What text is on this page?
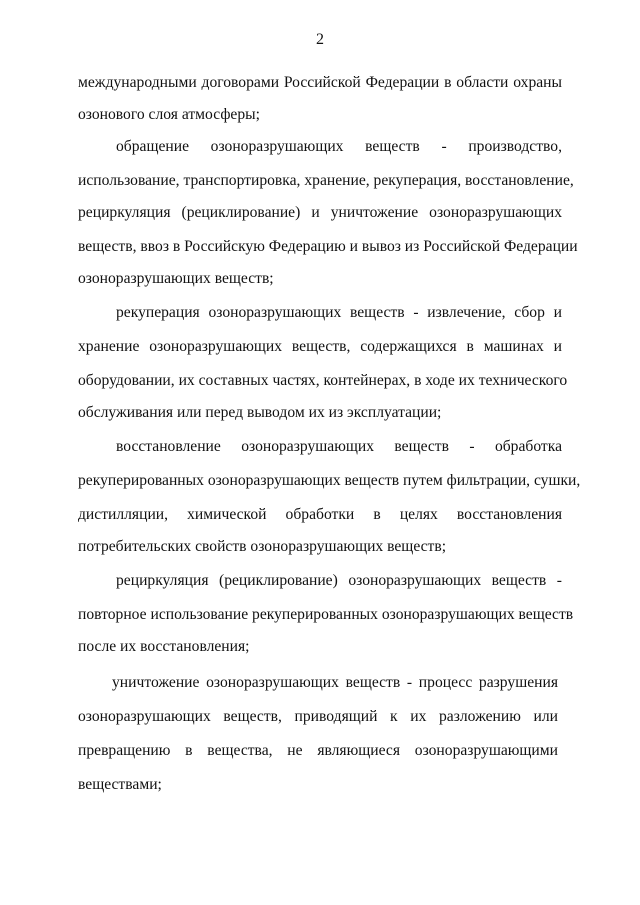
2
международными договорами Российской Федерации в области охраны
озонового слоя атмосферы;
обращение озоноразрушающих веществ - производство,
использование, транспортировка, хранение, рекуперация, восстановление,
рециркуляция (рециклирование) и уничтожение озоноразрушающих
веществ, ввоз в Российскую Федерацию и вывоз из Российской Федерации
озоноразрушающих веществ;
рекуперация озоноразрушающих веществ - извлечение, сбор и
хранение озоноразрушающих веществ, содержащихся в машинах и
оборудовании, их составных частях, контейнерах, в ходе их технического
обслуживания или перед выводом их из эксплуатации;
восстановление озоноразрушающих веществ - обработка
рекуперированных озоноразрушающих веществ путем фильтрации, сушки,
дистилляции, химической обработки в целях восстановления
потребительских свойств озоноразрушающих веществ;
рециркуляция (рециклирование) озоноразрушающих веществ -
повторное использование рекуперированных озоноразрушающих веществ
после их восстановления;
уничтожение озоноразрушающих веществ - процесс разрушения
озоноразрушающих веществ, приводящий к их разложению или
превращению в вещества, не являющиеся озоноразрушающими
веществами;
